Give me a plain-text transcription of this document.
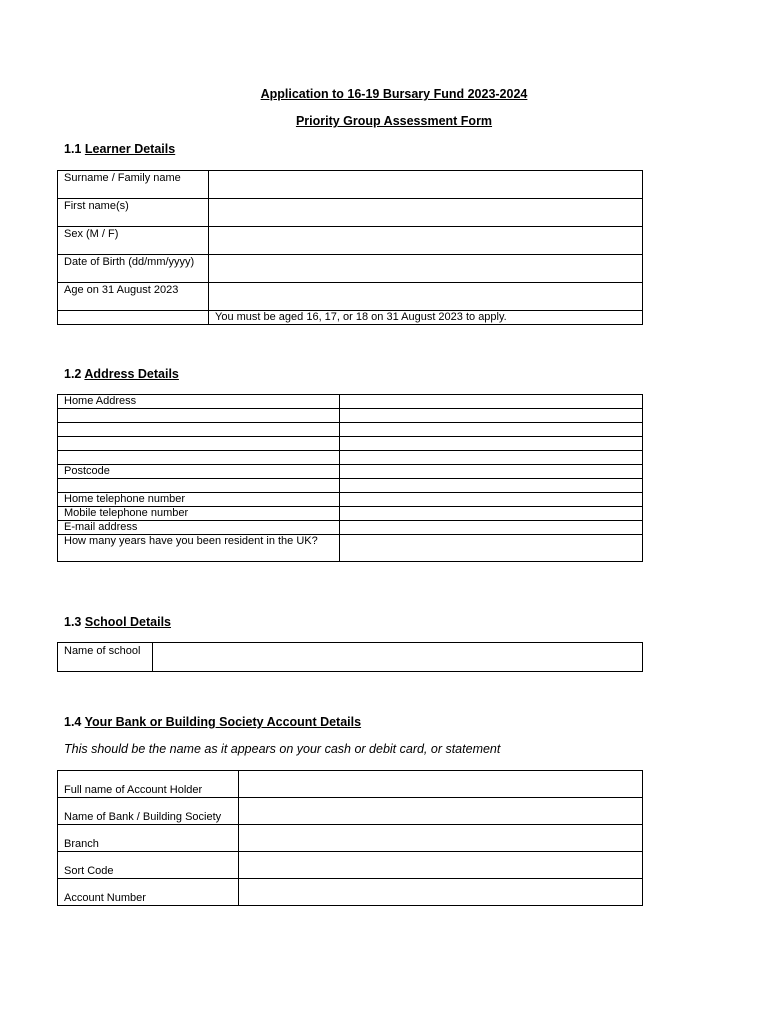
Application to 16-19 Bursary Fund 2023-2024
Priority Group Assessment Form
1.1 Learner Details
Surname / Family name	
First name(s)	
Sex (M / F)	
Date of Birth (dd/mm/yyyy)	
Age on 31 August 2023	
	You must be aged 16, 17, or 18 on 31 August 2023 to apply.
1.2 Address Details
Home Address	

Postcode	

Home telephone number	
Mobile telephone number	
E-mail address	
How many years have you been resident in the UK?	
1.3 School Details
Name of school	
1.4 Your Bank or Building Society Account Details
This should be the name as it appears on your cash or debit card, or statement
Full name of Account Holder	
Name of Bank / Building Society	
Branch	
Sort Code	
Account Number	
